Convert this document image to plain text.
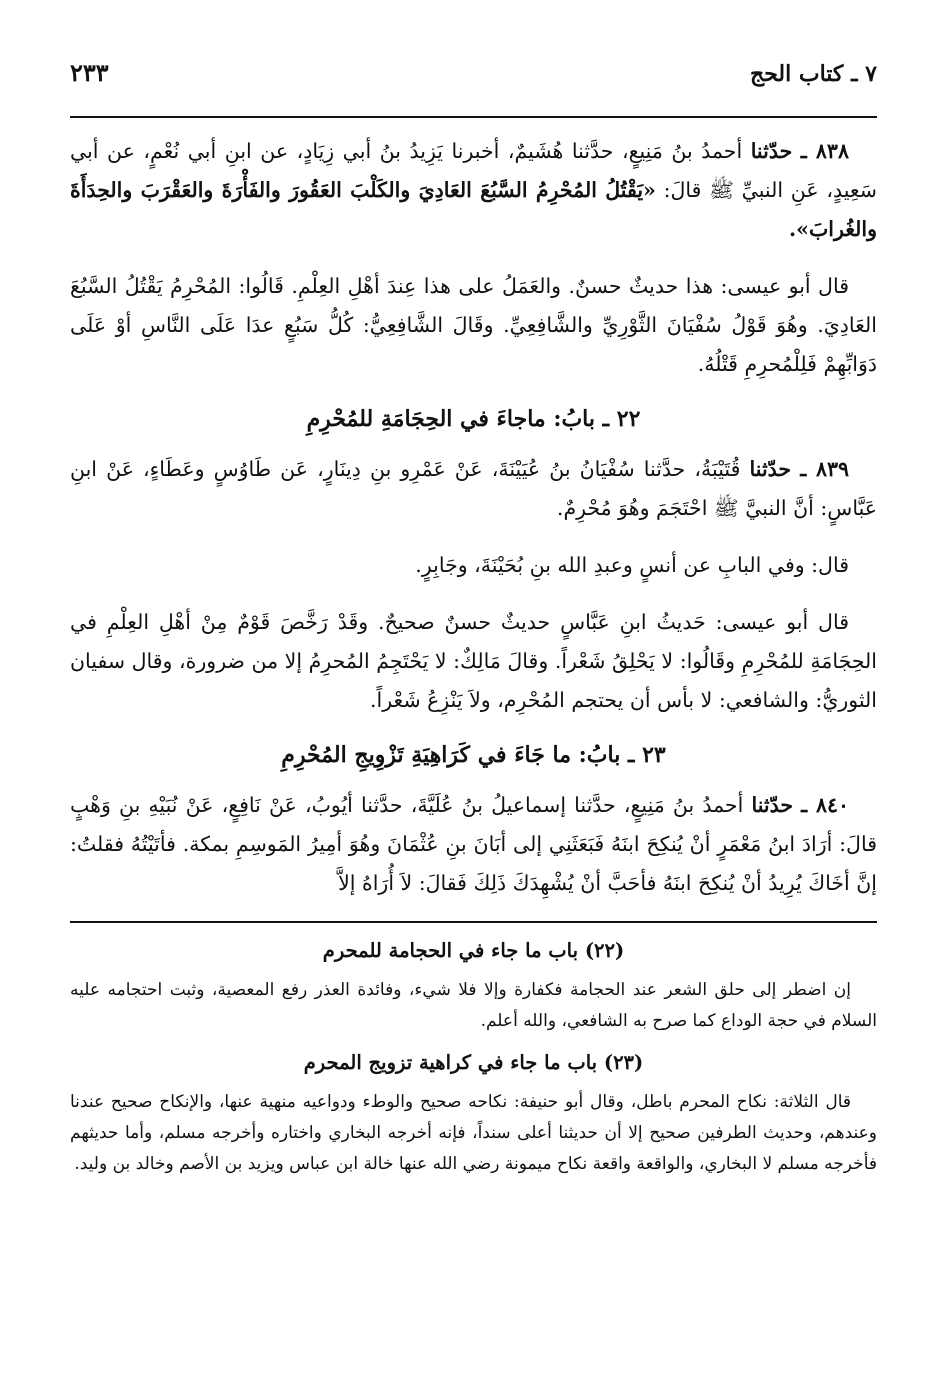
٧ ـ كتاب الحج
٢٣٣

٨٣٨ ـ حدّثنا أحمدُ بنُ مَنِيعٍ، حدَّثنا هُشَيمٌ، أخبرنا يَزِيدُ بنُ أبي زِيَادٍ، عن ابنِ أبي نُعْمٍ، عن أبي سَعِيدٍ، عَنِ النبيِّ ﷺ قالَ: «يَقْتُلُ المُحْرِمُ السَّبُعَ العَادِيَ والكَلْبَ العَقُورَ والفَأْرَةَ والعَقْرَبَ والحِدَأَةَ والغُرابَ».

قال أبو عيسى: هذا حديثٌ حسنٌ. والعَمَلُ على هذا عِندَ أهْلِ العِلْمِ. قَالُوا: المُحْرِمُ يَقْتُلُ السَّبُعَ العَادِيَ. وهُوَ قَوْلُ سُفْيَانَ الثَّوْرِيِّ والشَّافِعِيِّ. وقَالَ الشَّافِعِيُّ: كُلُّ سَبُعٍ عدَا عَلَى النَّاسِ أوْ عَلَى دَوَابِّهِمْ فَلِلْمُحرِمِ قَتْلُهُ.

٢٢ ـ بابُ: ماجاءَ في الحِجَامَةِ للمُحْرِمِ

٨٣٩ ـ حدّثنا قُتَيْبَةُ، حدَّثنا سُفْيَانُ بنُ عُيَيْنَةَ، عَنْ عَمْرِو بنِ دِينَارٍ، عَن طَاوُسٍ وعَطَاءٍ، عَنْ ابنِ عَبَّاسٍ: أنَّ النبيَّ ﷺ احْتَجَمَ وهُوَ مُحْرِمٌ.

قال: وفي البابِ عن أنسٍ وعبدِ الله بنِ بُحَيْنَةَ، وجَابِرٍ.

قال أبو عيسى: حَديثُ ابنِ عَبَّاسٍ حديثٌ حسنٌ صحيحٌ. وقَدْ رَخَّصَ قَوْمٌ مِنْ أهْلِ العِلْمِ في الحِجَامَةِ للمُحْرِمِ وقَالُوا: لا يَحْلِقُ شَعْراً. وقالَ مَالِكٌ: لا يَحْتَجِمُ المُحرِمُ إلا من ضرورة، وقال سفيان الثوريُّ: والشافعي: لا بأس أن يحتجم المُحْرِم، ولاَ يَنْزِعُ شَعْراً.

٢٣ ـ بابُ: ما جَاءَ في كَرَاهِيَةِ تَزْوِيجِ المُحْرِمِ

٨٤٠ ـ حدّثنا أحمدُ بنُ مَنِيعٍ، حدَّثنا إسماعيلُ بنُ عُلَيَّةَ، حدَّثنا أيُوبُ، عَنْ نَافِعٍ، عَنْ نُبَيْهِ بنِ وَهْبٍ قالَ: أرَادَ ابنُ مَعْمَرٍ أنْ يُنكِحَ ابنَهُ فَبَعَثَنِي إلى أبَانَ بنِ عُثْمَانَ وهُوَ أمِيرُ المَوسِمِ بمكة. فأتَيْتُهُ فقلتُ: إنَّ أخَاكَ يُرِيدُ أنْ يُنكِحَ ابنَهُ فأحَبَّ أنْ يُشْهِدَكَ ذَلِكَ فَقالَ: لاَ أُرَاهُ إلاَّ

(٢٢) باب ما جاء في الحجامة للمحرم

إن اضطر إلى حلق الشعر عند الحجامة فكفارة وإلا فلا شيء، وفائدة العذر رفع المعصية، وثبت احتجامه عليه السلام في حجة الوداع كما صرح به الشافعي، والله أعلم.

(٢٣) باب ما جاء في كراهية تزويج المحرم

قال الثلاثة: نكاح المحرم باطل، وقال أبو حنيفة: نكاحه صحيح والوطء ودواعيه منهية عنها، والإنكاح صحيح عندنا وعندهم، وحديث الطرفين صحيح إلا أن حديثنا أعلى سنداً، فإنه أخرجه البخاري واختاره وأخرجه مسلم، وأما حديثهم فأخرجه مسلم لا البخاري، والواقعة واقعة نكاح ميمونة رضي الله عنها خالة ابن عباس ويزيد بن الأصم وخالد بن وليد.
